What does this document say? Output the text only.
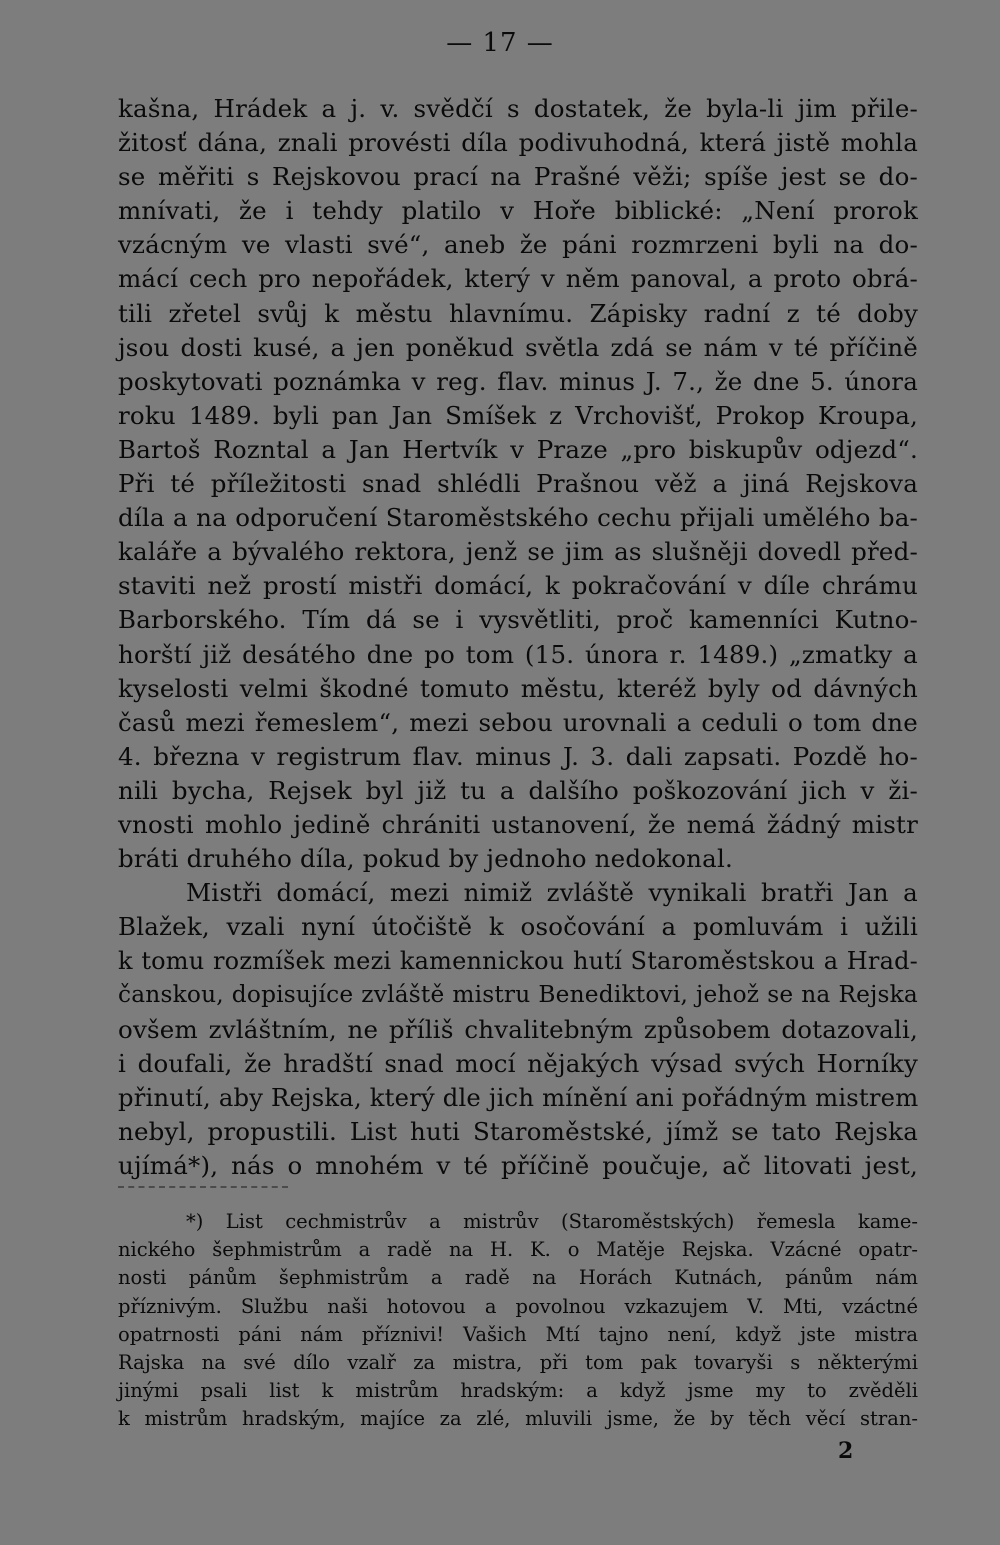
— 17 —
kašna, Hrádek a j. v. svědčí s dostatek, že byla-li jim přile-
žitosť dána, znali provésti díla podivuhodná, která jistě mohla
se měřiti s Rejskovou prací na Prašné věži; spíše jest se do-
mnívati, že i tehdy platilo v Hoře biblické: „Není prorok
vzácným ve vlasti své“, aneb že páni rozmrzeni byli na do-
mácí cech pro nepořádek, který v něm panoval, a proto obrá-
tili zřetel svůj k městu hlavnímu. Zápisky radní z té doby
jsou dosti kusé, a jen poněkud světla zdá se nám v té příčině
poskytovati poznámka v reg. flav. minus J. 7., že dne 5. února
roku 1489. byli pan Jan Smíšek z Vrchovišť, Prokop Kroupa,
Bartoš Rozntal a Jan Hertvík v Praze „pro biskupův odjezd“.
Při té příležitosti snad shlédli Prašnou věž a jiná Rejskova
díla a na odporučení Staroměstského cechu přijali umělého ba-
kaláře a bývalého rektora, jenž se jim as slušněji dovedl před-
staviti než prostí mistři domácí, k pokračování v díle chrámu
Barborského. Tím dá se i vysvětliti, proč kamenníci Kutno-
horští již desátého dne po tom (15. února r. 1489.) „zmatky a
kyselosti velmi škodné tomuto městu, kteréž byly od dávných
časů mezi řemeslem“, mezi sebou urovnali a ceduli o tom dne
4. března v registrum flav. minus J. 3. dali zapsati. Pozdě ho-
nili bycha, Rejsek byl již tu a dalšího poškozování jich v ži-
vnosti mohlo jedině chrániti ustanovení, že nemá žádný mistr
bráti druhého díla, pokud by jednoho nedokonal.
Mistři domácí, mezi nimiž zvláště vynikali bratři Jan a
Blažek, vzali nyní útočiště k osočování a pomluvám i užili
k tomu rozmíšek mezi kamennickou hutí Staroměstskou a Hrad-
čanskou, dopisujíce zvláště mistru Benediktovi, jehož se na Rejska
ovšem zvláštním, ne příliš chvalitebným způsobem dotazovali,
i doufali, že hradští snad mocí nějakých výsad svých Horníky
přinutí, aby Rejska, který dle jich mínění ani pořádným mistrem
nebyl, propustili. List huti Staroměstské, jímž se tato Rejska
ujímá*), nás o mnohém v té příčině poučuje, ač litovati jest,
*) List cechmistrův a mistrův (Staroměstských) řemesla kame-
nického šephmistrům a radě na H. K. o Matěje Rejska. Vzácné opatr-
nosti pánům šephmistrům a radě na Horách Kutnách, pánům nám
příznivým. Službu naši hotovou a povolnou vzkazujem V. Mti, vzáctné
opatrnosti páni nám příznivi! Vašich Mtí tajno není, když jste mistra
Rajska na své dílo vzalř za mistra, při tom pak tovaryši s některými
jinými psali list k mistrům hradským: a když jsme my to zvěděli
k mistrům hradským, majíce za zlé, mluvili jsme, že by těch věcí stran-
2
